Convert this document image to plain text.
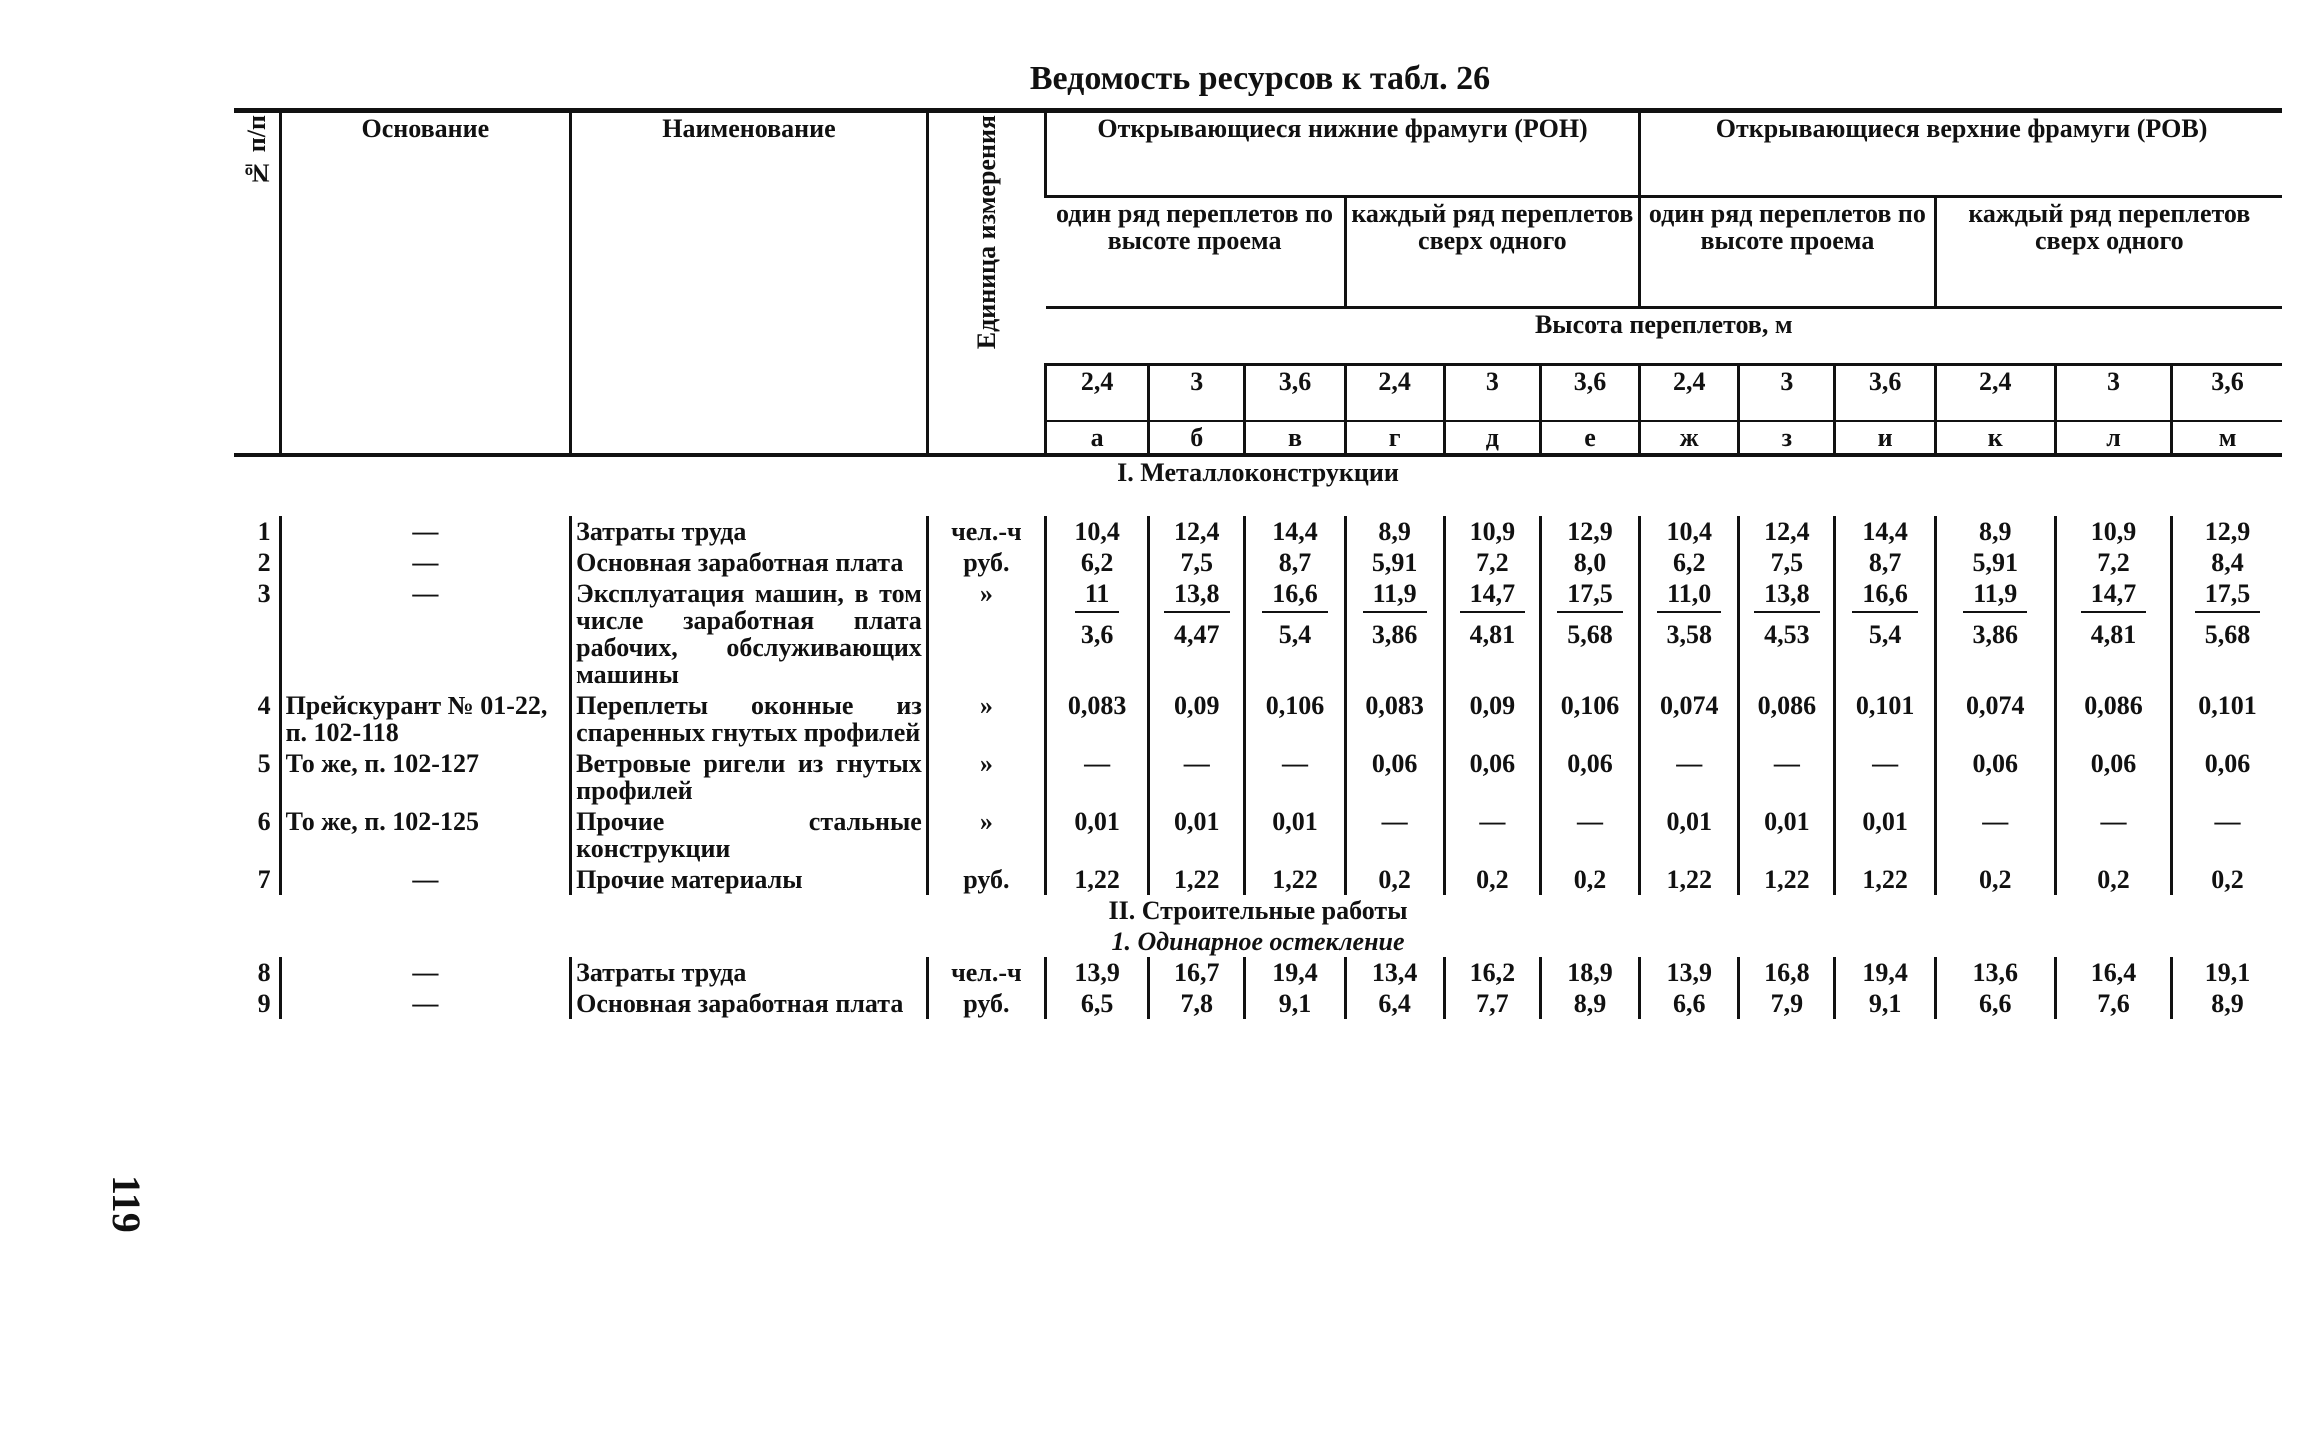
Ведомость ресурсов к табл. 26
119
№ п/п	Основание	Наименование	Единица измерения	Открывающиеся нижние фрамуги (РОН)						Открывающиеся верхние фрамуги (РОВ)					
				один ряд переплетов по высоте проема			каждый ряд переплетов сверх одного			один ряд переплетов по высоте проема			каждый ряд переплетов сверх одного		
				Высота переплетов, м											
				2,4	3	3,6	2,4	3	3,6	2,4	3	3,6	2,4	3	3,6
				а	б	в	г	д	е	ж	з	и	к	л	м
I. Металлоконструкции															
1	—	Затраты труда	чел.-ч	10,4	12,4	14,4	8,9	10,9	12,9	10,4	12,4	14,4	8,9	10,9	12,9
2	—	Основная заработная плата	руб.	6,2	7,5	8,7	5,91	7,2	8,0	6,2	7,5	8,7	5,91	7,2	8,4
3	—	Эксплуатация машин, в том числе заработная плата рабочих, обслуживающих машины	»	$\frac{11}{3,6}$	$\frac{13,8}{4,47}$	$\frac{16,6}{5,4}$	$\frac{11,9}{3,86}$	$\frac{14,7}{4,81}$	$\frac{17,5}{5,68}$	$\frac{11,0}{3,58}$	$\frac{13,8}{4,53}$	$\frac{16,6}{5,4}$	$\frac{11,9}{3,86}$	$\frac{14,7}{4,81}$	$\frac{17,5}{5,68}$

4	Прейскурант № 01-22, п. 102-118	Переплеты оконные из спаренных гнутых профилей	»	0,083	0,09	0,106	0,083	0,09	0,106	0,074	0,086	0,101	0,074	0,086	0,101
5	То же, п. 102-127	Ветровые ригели из гнутых профилей	»	—	—	—	0,06	0,06	0,06	—	—	—	0,06	0,06	0,06
6	То же, п. 102-125	Прочие стальные конструкции	»	0,01	0,01	0,01	—	—	—	0,01	0,01	0,01	—	—	—
7	—	Прочие материалы	руб.	1,22	1,22	1,22	0,2	0,2	0,2	1,22	1,22	1,22	0,2	0,2	0,2
II. Строительные работы															
1. Одинарное остекление															
8	—	Затраты труда	чел.-ч	13,9	16,7	19,4	13,4	16,2	18,9	13,9	16,8	19,4	13,6	16,4	19,1
9	—	Основная заработная плата	руб.	6,5	7,8	9,1	6,4	7,7	8,9	6,6	7,9	9,1	6,6	7,6	8,9
